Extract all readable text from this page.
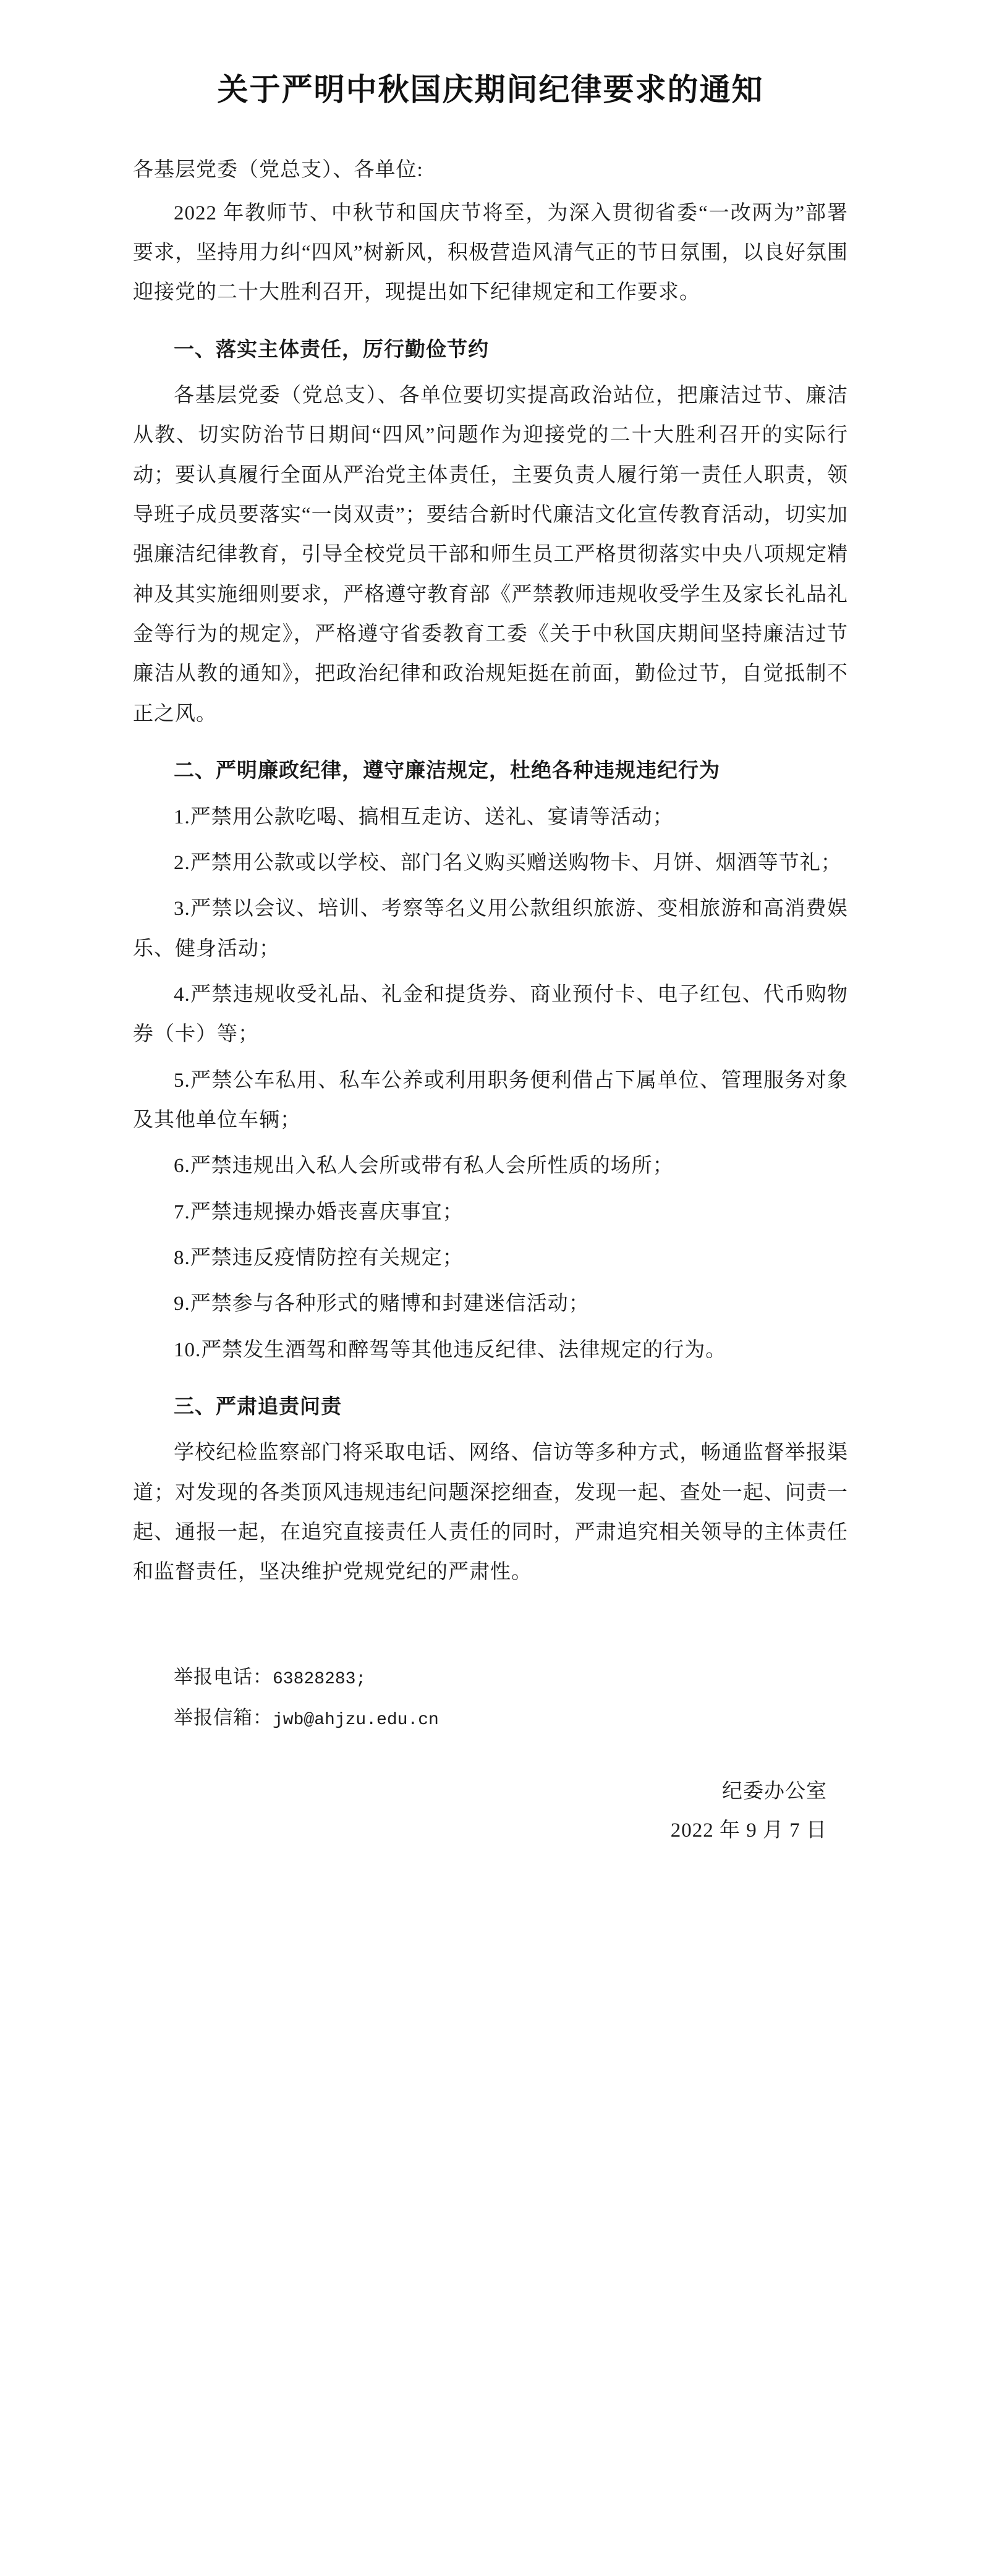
关于严明中秋国庆期间纪律要求的通知

各基层党委（党总支）、各单位:

2022 年教师节、中秋节和国庆节将至，为深入贯彻省委“一改两为”部署要求，坚持用力纠“四风”树新风，积极营造风清气正的节日氛围，以良好氛围迎接党的二十大胜利召开，现提出如下纪律规定和工作要求。

一、落实主体责任，厉行勤俭节约

各基层党委（党总支）、各单位要切实提高政治站位，把廉洁过节、廉洁从教、切实防治节日期间“四风”问题作为迎接党的二十大胜利召开的实际行动；要认真履行全面从严治党主体责任，主要负责人履行第一责任人职责，领导班子成员要落实“一岗双责”；要结合新时代廉洁文化宣传教育活动，切实加强廉洁纪律教育，引导全校党员干部和师生员工严格贯彻落实中央八项规定精神及其实施细则要求，严格遵守教育部《严禁教师违规收受学生及家长礼品礼金等行为的规定》，严格遵守省委教育工委《关于中秋国庆期间坚持廉洁过节廉洁从教的通知》，把政治纪律和政治规矩挺在前面，勤俭过节，自觉抵制不正之风。

二、严明廉政纪律，遵守廉洁规定，杜绝各种违规违纪行为

1.严禁用公款吃喝、搞相互走访、送礼、宴请等活动；

2.严禁用公款或以学校、部门名义购买赠送购物卡、月饼、烟酒等节礼；

3.严禁以会议、培训、考察等名义用公款组织旅游、变相旅游和高消费娱乐、健身活动；

4.严禁违规收受礼品、礼金和提货券、商业预付卡、电子红包、代币购物券（卡）等；

5.严禁公车私用、私车公养或利用职务便利借占下属单位、管理服务对象及其他单位车辆；

6.严禁违规出入私人会所或带有私人会所性质的场所；

7.严禁违规操办婚丧喜庆事宜；

8.严禁违反疫情防控有关规定；

9.严禁参与各种形式的赌博和封建迷信活动；

10.严禁发生酒驾和醉驾等其他违反纪律、法律规定的行为。

三、严肃追责问责

学校纪检监察部门将采取电话、网络、信访等多种方式，畅通监督举报渠道；对发现的各类顶风违规违纪问题深挖细查，发现一起、查处一起、问责一起、通报一起，在追究直接责任人责任的同时，严肃追究相关领导的主体责任和监督责任，坚决维护党规党纪的严肃性。

举报电话：63828283;

举报信箱：jwb@ahjzu.edu.cn

纪委办公室

2022 年 9 月 7 日
